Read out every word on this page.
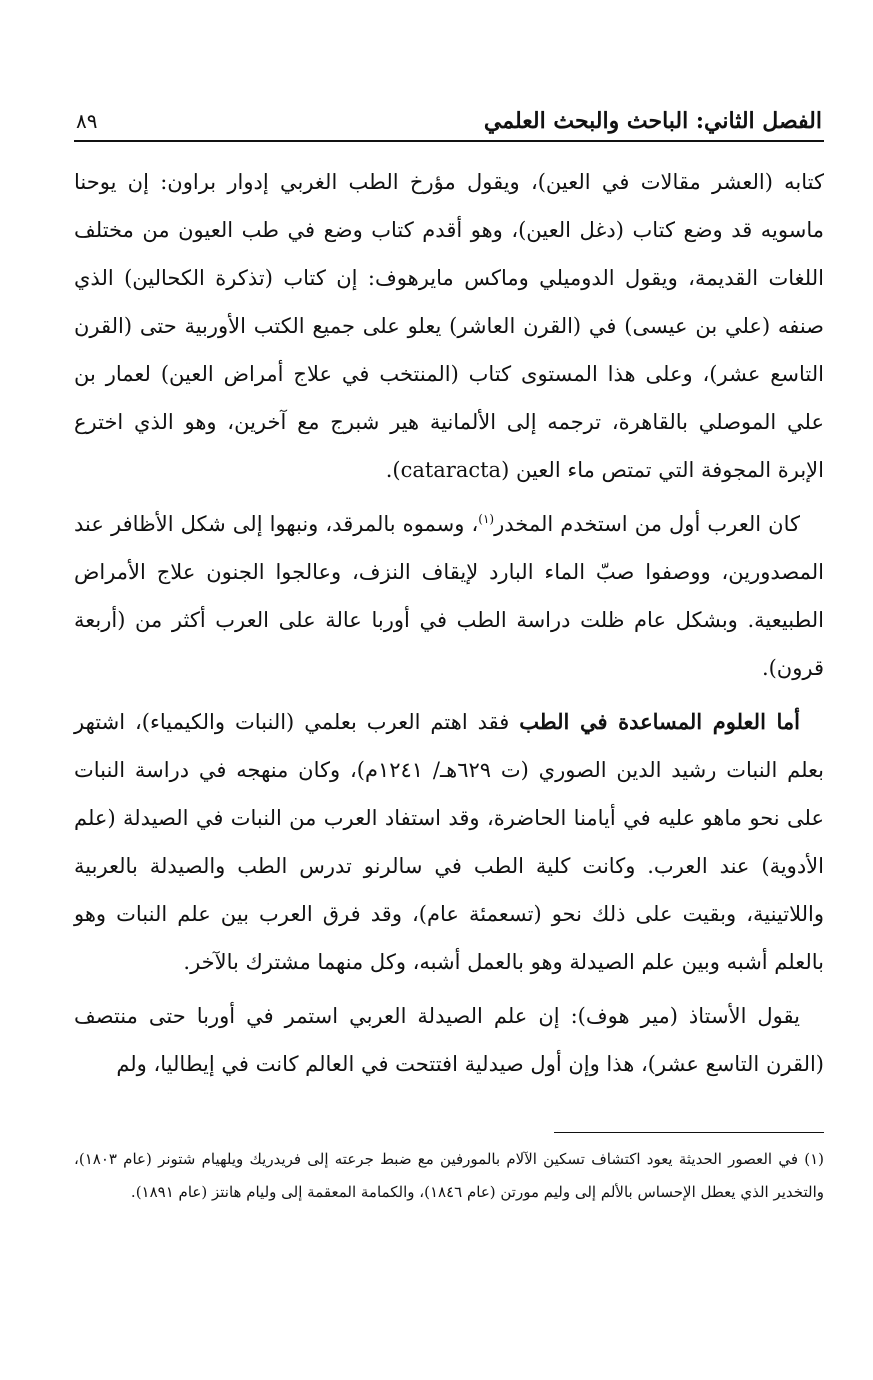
الفصل الثاني: الباحث والبحث العلمي
٨٩

كتابه (العشر مقالات في العين)، ويقول مؤرخ الطب الغربي إدوار براون: إن يوحنا ماسويه قد وضع كتاب (دغل العين)، وهو أقدم كتاب وضع في طب العيون من مختلف اللغات القديمة، ويقول الدوميلي وماكس مايرهوف: إن كتاب (تذكرة الكحالين) الذي صنفه (علي بن عيسى) في (القرن العاشر) يعلو على جميع الكتب الأوربية حتى (القرن التاسع عشر)، وعلى هذا المستوى كتاب (المنتخب في علاج أمراض العين) لعمار بن علي الموصلي بالقاهرة، ترجمه إلى الألمانية هير شبرج مع آخرين، وهو الذي اخترع الإبرة المجوفة التي تمتص ماء العين (cataracta).

كان العرب أول من استخدم المخدر$^{(١)}$، وسموه بالمرقد، ونبهوا إلى شكل الأظافر عند المصدورين، ووصفوا صبّ الماء البارد لإيقاف النزف، وعالجوا الجنون علاج الأمراض الطبيعية. وبشكل عام ظلت دراسة الطب في أوربا عالة على العرب أكثر من (أربعة قرون).

أما العلوم المساعدة في الطب فقد اهتم العرب بعلمي (النبات والكيمياء)، اشتهر بعلم النبات رشيد الدين الصوري (ت ٦٢٩هـ/ ١٢٤١م)، وكان منهجه في دراسة النبات على نحو ماهو عليه في أيامنا الحاضرة، وقد استفاد العرب من النبات في الصيدلة (علم الأدوية) عند العرب. وكانت كلية الطب في سالرنو تدرس الطب والصيدلة بالعربية واللاتينية، وبقيت على ذلك نحو (تسعمئة عام)، وقد فرق العرب بين علم النبات وهو بالعلم أشبه وبين علم الصيدلة وهو بالعمل أشبه، وكل منهما مشترك بالآخر.

يقول الأستاذ (مير هوف): إن علم الصيدلة العربي استمر في أوربا حتى منتصف (القرن التاسع عشر)، هذا وإن أول صيدلية افتتحت في العالم كانت في إيطاليا، ولم

(١) في العصور الحديثة يعود اكتشاف تسكين الآلام بالمورفين مع ضبط جرعته إلى فريدريك ويلهيام شتونر (عام ١٨٠٣)، والتخدير الذي يعطل الإحساس بالألم إلى وليم مورتن (عام ١٨٤٦)، والكمامة المعقمة إلى وليام هانتز (عام ١٨٩١).
